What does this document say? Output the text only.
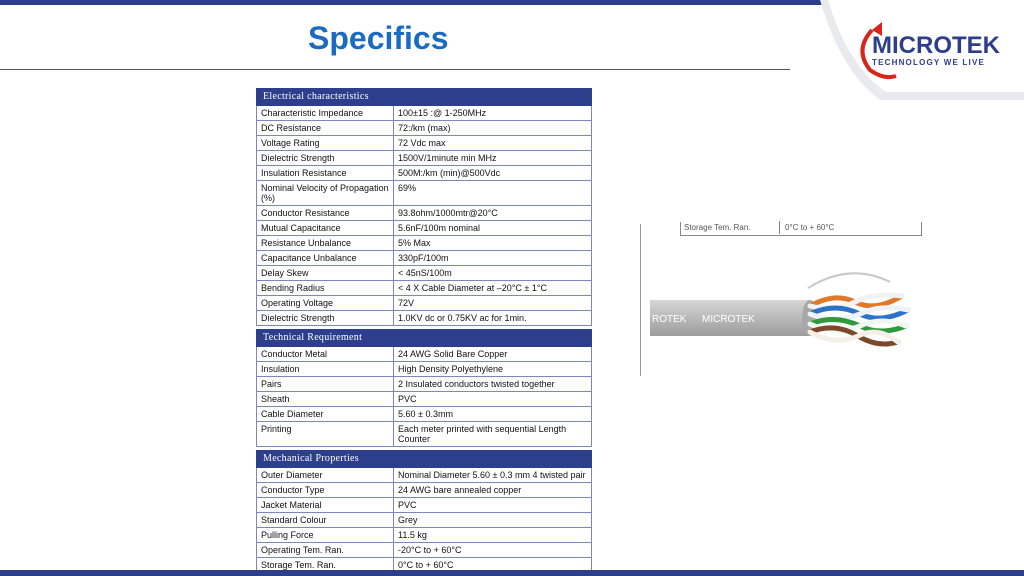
Specifics	MICROTEK
TECHNOLOGY WE LIVE
Electrical characteristics	
Characteristic Impedance	100±15 :@ 1-250MHz
DC Resistance	72:/km (max)
Voltage Rating	72 Vdc max
Dielectric Strength	1500V/1minute min MHz
Insulation Resistance	500M:/km (min)@500Vdc
Nominal Velocity of Propagation (%)	69%
Conductor Resistance	93.8ohm/1000mtr@20°C
Mutual Capacitance	5.6nF/100m nominal
Resistance Unbalance	5% Max
Capacitance Unbalance	330pF/100m
Delay Skew	< 45nS/100m
Bending Radius	< 4 X Cable Diameter at –20°C ± 1°C
Operating Voltage	72V
Dielectric Strength	1.0KV dc or 0.75KV ac for 1min.

Technical Requirement	
Conductor Metal	24 AWG Solid Bare Copper
Insulation	High Density Polyethylene
Pairs	2 Insulated conductors twisted together
Sheath	PVC
Cable Diameter	5.60 ± 0.3mm
Printing	Each meter printed with sequential Length Counter

Mechanical Properties	
Outer Diameter	Nominal Diameter 5.60 ± 0.3 mm 4 twisted pair
Conductor Type	24 AWG bare annealed copper
Jacket Material	PVC
Standard Colour	Grey
Pulling Force	11.5 kg
Operating Tem. Ran.	-20°C to + 60°C
Storage Tem. Ran.	0°C to + 60°C
Storage Tem. Ran.	0°C to + 60°C
ROTEK MICROTEK
